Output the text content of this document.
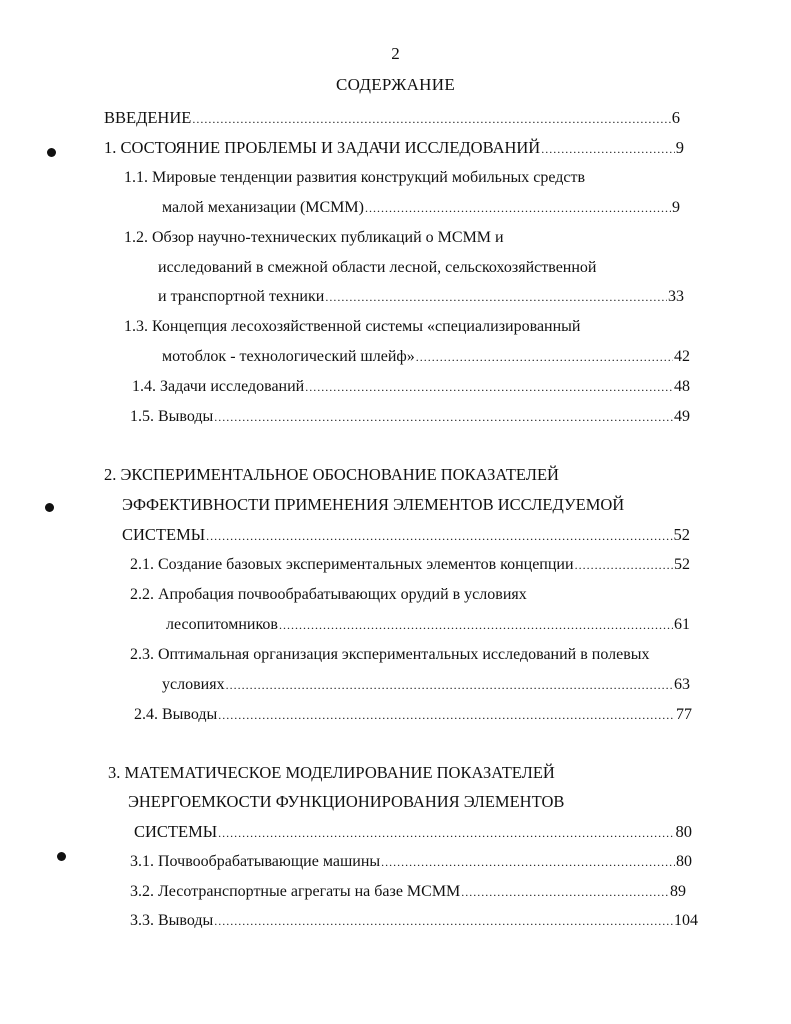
2
СОДЕРЖАНИЕ
ВВЕДЕНИЕ .....	6
1. СОСТОЯНИЕ ПРОБЛЕМЫ И ЗАДАЧИ ИССЛЕДОВАНИЙ .....	9
1.1. Мировые тенденции развития конструкций мобильных средств
малой механизации (МСММ) .....	9
1.2. Обзор научно-технических публикаций о МСММ и
исследований в смежной области лесной, сельскохозяйственной
и транспортной техники .....	33
1.3. Концепция лесохозяйственной системы «специализированный
мотоблок - технологический шлейф» .....	42
1.4. Задачи исследований .....	48
1.5. Выводы .....	49
2. ЭКСПЕРИМЕНТАЛЬНОЕ ОБОСНОВАНИЕ ПОКАЗАТЕЛЕЙ
ЭФФЕКТИВНОСТИ ПРИМЕНЕНИЯ ЭЛЕМЕНТОВ ИССЛЕДУЕМОЙ
СИСТЕМЫ .....	52
2.1. Создание базовых экспериментальных элементов концепции .....	52
2.2. Апробация почвообрабатывающих орудий в условиях
лесопитомников .....	61
2.3. Оптимальная организация экспериментальных исследований в полевых
условиях .....	63
2.4. Выводы .....	77
3. МАТЕМАТИЧЕСКОЕ МОДЕЛИРОВАНИЕ ПОКАЗАТЕЛЕЙ
ЭНЕРГОЕМКОСТИ ФУНКЦИОНИРОВАНИЯ ЭЛЕМЕНТОВ
СИСТЕМЫ .....	80
3.1. Почвообрабатывающие машины .....	80
3.2. Лесотранспортные агрегаты на базе МСММ .....	89
3.3. Выводы .....	104
